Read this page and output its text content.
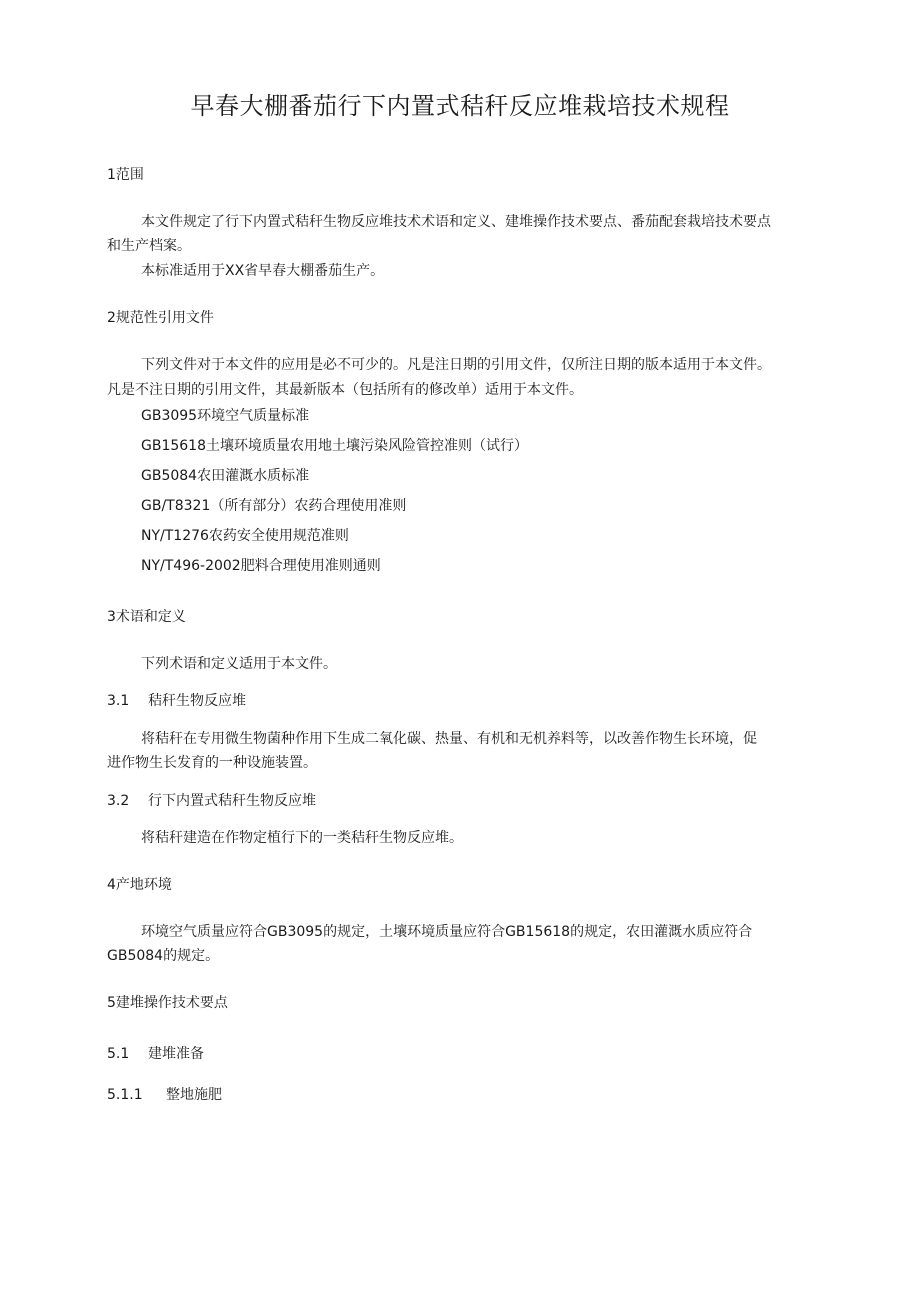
早春大棚番茄行下内置式秸秆反应堆栽培技术规程

1范围

本文件规定了行下内置式秸秆生物反应堆技术术语和定义、建堆操作技术要点、番茄配套栽培技术要点

和生产档案。

本标准适用于XX省早春大棚番茄生产。

2规范性引用文件

下列文件对于本文件的应用是必不可少的。凡是注日期的引用文件，仅所注日期的版本适用于本文件。

凡是不注日期的引用文件，其最新版本（包括所有的修改单）适用于本文件。

GB3095环境空气质量标准

GB15618土壤环境质量农用地土壤污染风险管控准则（试行）

GB5084农田灌溉水质标准

GB/T8321（所有部分）农药合理使用准则

NY/T1276农药安全使用规范准则

NY/T496-2002肥料合理使用准则通则

3术语和定义

下列术语和定义适用于本文件。

3.1 秸秆生物反应堆

将秸秆在专用微生物菌种作用下生成二氧化碳、热量、有机和无机养料等，以改善作物生长环境，促

进作物生长发育的一种设施装置。

3.2 行下内置式秸秆生物反应堆

将秸秆建造在作物定植行下的一类秸秆生物反应堆。

4产地环境

环境空气质量应符合GB3095的规定，土壤环境质量应符合GB15618的规定，农田灌溉水质应符合

GB5084的规定。

5建堆操作技术要点

5.1 建堆准备

5.1.1 整地施肥
